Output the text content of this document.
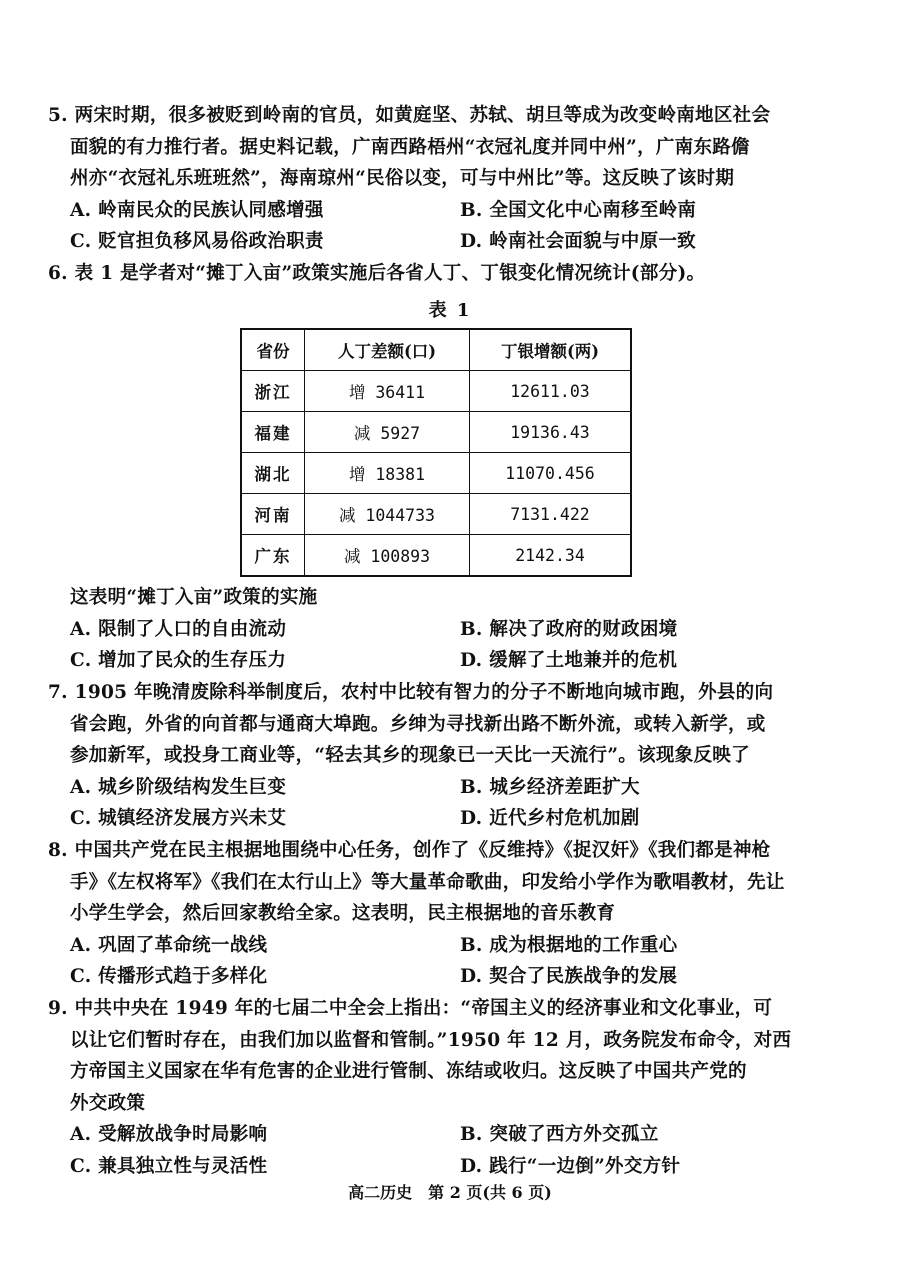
5. 两宋时期，很多被贬到岭南的官员，如黄庭坚、苏轼、胡旦等成为改变岭南地区社会
面貌的有力推行者。据史料记载，广南西路梧州“衣冠礼度并同中州”，广南东路儋
州亦“衣冠礼乐班班然”，海南琼州“民俗以变，可与中州比”等。这反映了该时期
A. 岭南民众的民族认同感增强	B. 全国文化中心南移至岭南
C. 贬官担负移风易俗政治职责	D. 岭南社会面貌与中原一致
6. 表 1 是学者对“摊丁入亩”政策实施后各省人丁、丁银变化情况统计(部分)。
表 1
省份	人丁差额(口)	丁银增额(两)
浙江	增 36411	12611.03
福建	减 5927	19136.43
湖北	增 18381	11070.456
河南	减 1044733	7131.422
广东	减 100893	2142.34
这表明“摊丁入亩”政策的实施
A. 限制了人口的自由流动	B. 解决了政府的财政困境
C. 增加了民众的生存压力	D. 缓解了土地兼并的危机
7. 1905 年晚清废除科举制度后，农村中比较有智力的分子不断地向城市跑，外县的向
省会跑，外省的向首都与通商大埠跑。乡绅为寻找新出路不断外流，或转入新学，或
参加新军，或投身工商业等，“轻去其乡的现象已一天比一天流行”。该现象反映了
A. 城乡阶级结构发生巨变	B. 城乡经济差距扩大
C. 城镇经济发展方兴未艾	D. 近代乡村危机加剧
8. 中国共产党在民主根据地围绕中心任务，创作了《反维持》《捉汉奸》《我们都是神枪
手》《左权将军》《我们在太行山上》等大量革命歌曲，印发给小学作为歌唱教材，先让
小学生学会，然后回家教给全家。这表明，民主根据地的音乐教育
A. 巩固了革命统一战线	B. 成为根据地的工作重心
C. 传播形式趋于多样化	D. 契合了民族战争的发展
9. 中共中央在 1949 年的七届二中全会上指出：“帝国主义的经济事业和文化事业，可
以让它们暂时存在，由我们加以监督和管制。”1950 年 12 月，政务院发布命令，对西
方帝国主义国家在华有危害的企业进行管制、冻结或收归。这反映了中国共产党的
外交政策
A. 受解放战争时局影响	B. 突破了西方外交孤立
C. 兼具独立性与灵活性	D. 践行“一边倒”外交方针
高二历史　第 2 页(共 6 页)
